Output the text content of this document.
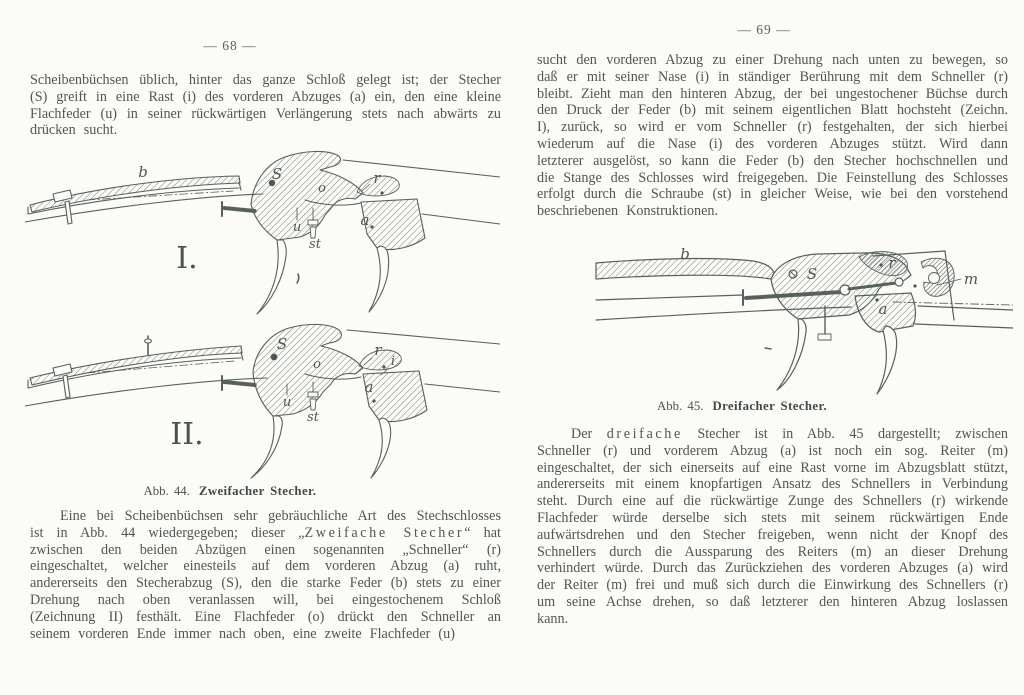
— 68 —

Scheibenbüchsen üblich, hinter das ganze Schloß gelegt ist; der Stecher (S) greift in eine Rast (i) des vorderen Abzuges (a) ein, den eine kleine Flachfeder (u) in seiner rückwärtigen Verlängerung stets nach abwärts zu drücken sucht.

b	S
o
r
u
st
a
I.
S
o
r
i
u
st
a
II.
Abb. 44. Zweifacher Stecher.

Eine bei Scheibenbüchsen sehr gebräuchliche Art des Stechschlosses ist in Abb. 44 wiedergegeben; dieser „Zweifache Stecher“ hat zwischen den beiden Abzügen einen sogenannten „Schneller“ (r) eingeschaltet, welcher einesteils auf dem vorderen Abzug (a) ruht, andererseits den Stecherabzug (S), den die starke Feder (b) stets zu einer Drehung nach oben veranlassen will, bei eingestochenem Schloß (Zeichnung II) festhält. Eine Flachfeder (o) drückt den Schneller an seinem vorderen Ende immer nach oben, eine zweite Flachfeder (u)

— 69 —

sucht den vorderen Abzug zu einer Drehung nach unten zu bewegen, so daß er mit seiner Nase (i) in ständiger Berührung mit dem Schneller (r) bleibt. Zieht man den hinteren Abzug, der bei ungestochener Büchse durch den Druck der Feder (b) mit seinem eigentlichen Blatt hochsteht (Zeichn. I), zurück, so wird er vom Schneller (r) festgehalten, der sich hierbei wiederum auf die Nase (i) des vorderen Abzuges stützt. Wird dann letzterer ausgelöst, so kann die Feder (b) den Stecher hochschnellen und die Stange des Schlosses wird freigegeben. Die Feinstellung des Schlosses erfolgt durch die Schraube (st) in gleicher Weise, wie bei den vorstehend beschriebenen Konstruktionen.

b
S
r
m
a
Abb. 45. Dreifacher Stecher.

Der dreifache Stecher ist in Abb. 45 dargestellt; zwischen Schneller (r) und vorderem Abzug (a) ist noch ein sog. Reiter (m) eingeschaltet, der sich einerseits auf eine Rast vorne im Abzugsblatt stützt, andererseits mit einem knopfartigen Ansatz des Schnellers in Verbindung steht. Durch eine auf die rückwärtige Zunge des Schnellers (r) wirkende Flachfeder würde derselbe sich stets mit seinem rückwärtigen Ende aufwärtsdrehen und den Stecher freigeben, wenn nicht der Knopf des Schnellers durch die Aussparung des Reiters (m) an dieser Drehung verhindert würde. Durch das Zurückziehen des vorderen Abzuges (a) wird der Reiter (m) frei und muß sich durch die Einwirkung des Schnellers (r) um seine Achse drehen, so daß letzterer den hinteren Abzug loslassen kann.
